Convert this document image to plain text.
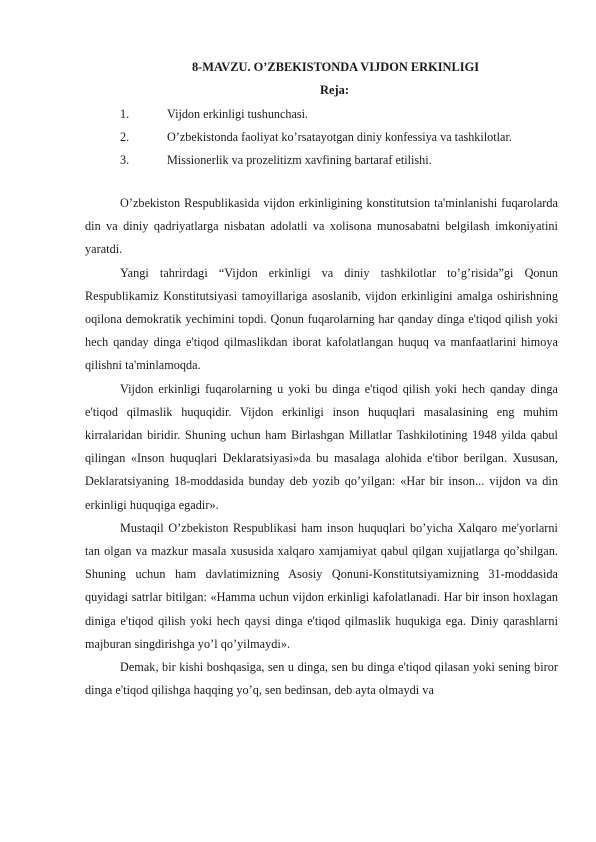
8-MAVZU. O’ZBEKISTONDA VIJDON ERKINLIGI
Reja:
1.	Vijdon erkinligi tushunchasi.
2.	O’zbekistonda faoliyat ko’rsatayotgan diniy konfessiya va tashkilotlar.
3.	Missionerlik va prozelitizm xavfining bartaraf etilishi.

O’zbekiston Respublikasida vijdon erkinligining konstitutsion ta'minlanishi fuqarolarda din va diniy qadriyatlarga nisbatan adolatli va xolisona munosabatni belgilash imkoniyatini yaratdi.

Yangi tahrirdagi “Vijdon erkinligi va diniy tashkilotlar to’g’risida”gi Qonun Respublikamiz Konstitutsiyasi tamoyillariga asoslanib, vijdon erkinligini amalga oshirishning oqilona demokratik yechimini topdi. Qonun fuqarolarning har qanday dinga e'tiqod qilish yoki hech qanday dinga e'tiqod qilmaslikdan iborat kafolatlangan huquq va manfaatlarini himoya qilishni ta'minlamoqda.

Vijdon erkinligi fuqarolarning u yoki bu dinga e'tiqod qilish yoki hech qanday dinga e'tiqod qilmaslik huquqidir. Vijdon erkinligi inson huquqlari masalasining eng muhim kirralaridan biridir. Shuning uchun ham Birlashgan Millatlar Tashkilotining 1948 yilda qabul qilingan «Inson huquqlari Deklaratsiyasi»da bu masalaga alohida e'tibor berilgan. Xususan, Deklaratsiyaning 18-moddasida bunday deb yozib qo’yilgan: «Har bir inson... vijdon va din erkinligi huquqiga egadir».

Mustaqil O’zbekiston Respublikasi ham inson huquqlari bo’yicha Xalqaro me'yorlarni tan olgan va mazkur masala xususida xalqaro xamjamiyat qabul qilgan xujjatlarga qo’shilgan. Shuning uchun ham davlatimizning Asosiy Qonuni-Konstitutsiyamizning 31-moddasida quyidagi satrlar bitilgan: «Hamma uchun vijdon erkinligi kafolatlanadi. Har bir inson hoxlagan diniga e'tiqod qilish yoki hech qaysi dinga e'tiqod qilmaslik huqukiga ega. Diniy qarashlarni majburan singdirishga yo’l qo’yilmaydi».

Demak, bir kishi boshqasiga, sen u dinga, sen bu dinga e'tiqod qilasan yoki sening biror dinga e'tiqod qilishga haqqing yo’q, sen bedinsan, deb ayta olmaydi va
